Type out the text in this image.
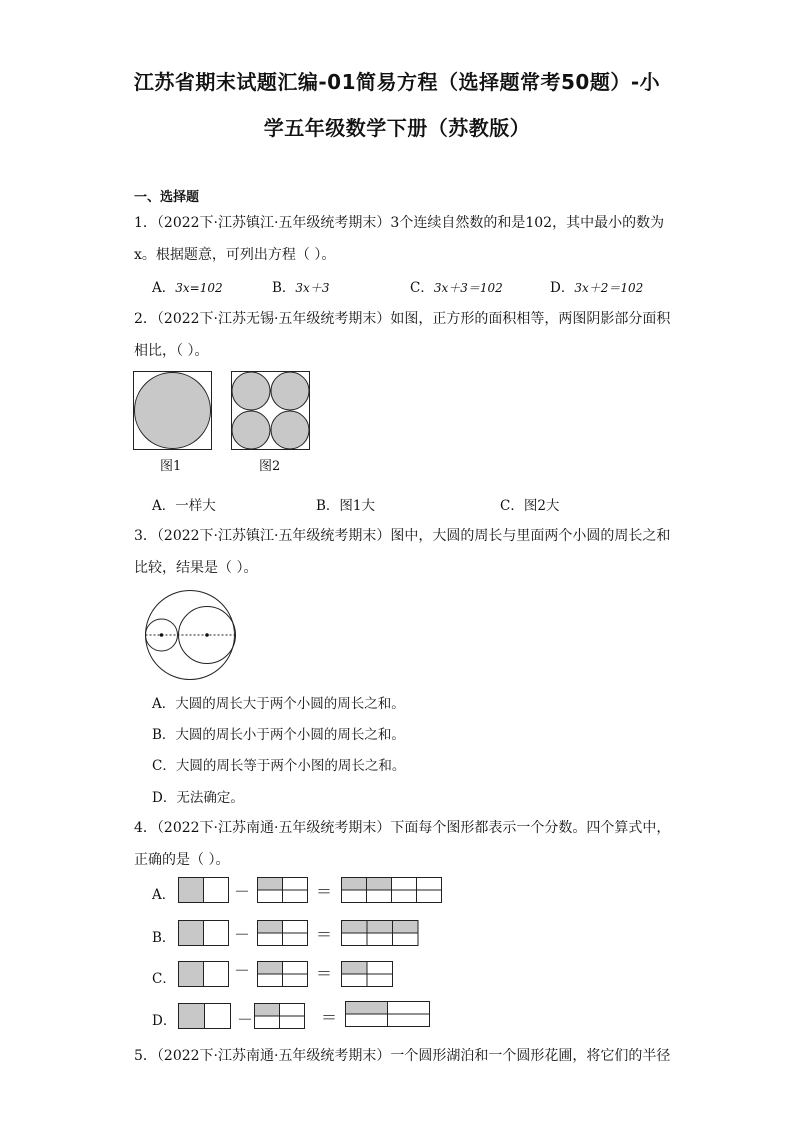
江苏省期末试题汇编-01简易方程（选择题常考50题）-小
学五年级数学下册（苏教版）
一、选择题
1．（2022下·江苏镇江·五年级统考期末）3个连续自然数的和是102，其中最小的数为
x。根据题意，可列出方程（ ）。
A．3x=102	B．3x＋3	C．3x＋3＝102	D．3x＋2＝102
2．（2022下·江苏无锡·五年级统考期末）如图，正方形的面积相等，两图阴影部分面积
相比，（ ）。
图1	图2
A．一样大	B．图1大	C．图2大
3．（2022下·江苏镇江·五年级统考期末）图中，大圆的周长与里面两个小圆的周长之和
比较，结果是（ ）。
A．大圆的周长大于两个小圆的周长之和。
B．大圆的周长小于两个小圆的周长之和。
C．大圆的周长等于两个小图的周长之和。
D．无法确定。
4．（2022下·江苏南通·五年级统考期末）下面每个图形都表示一个分数。四个算式中，
正确的是（ ）。
A．	－	＝
B．	－	＝
C．	－	＝
D．	－	＝
5．（2022下·江苏南通·五年级统考期末）一个圆形湖泊和一个圆形花圃，将它们的半径
